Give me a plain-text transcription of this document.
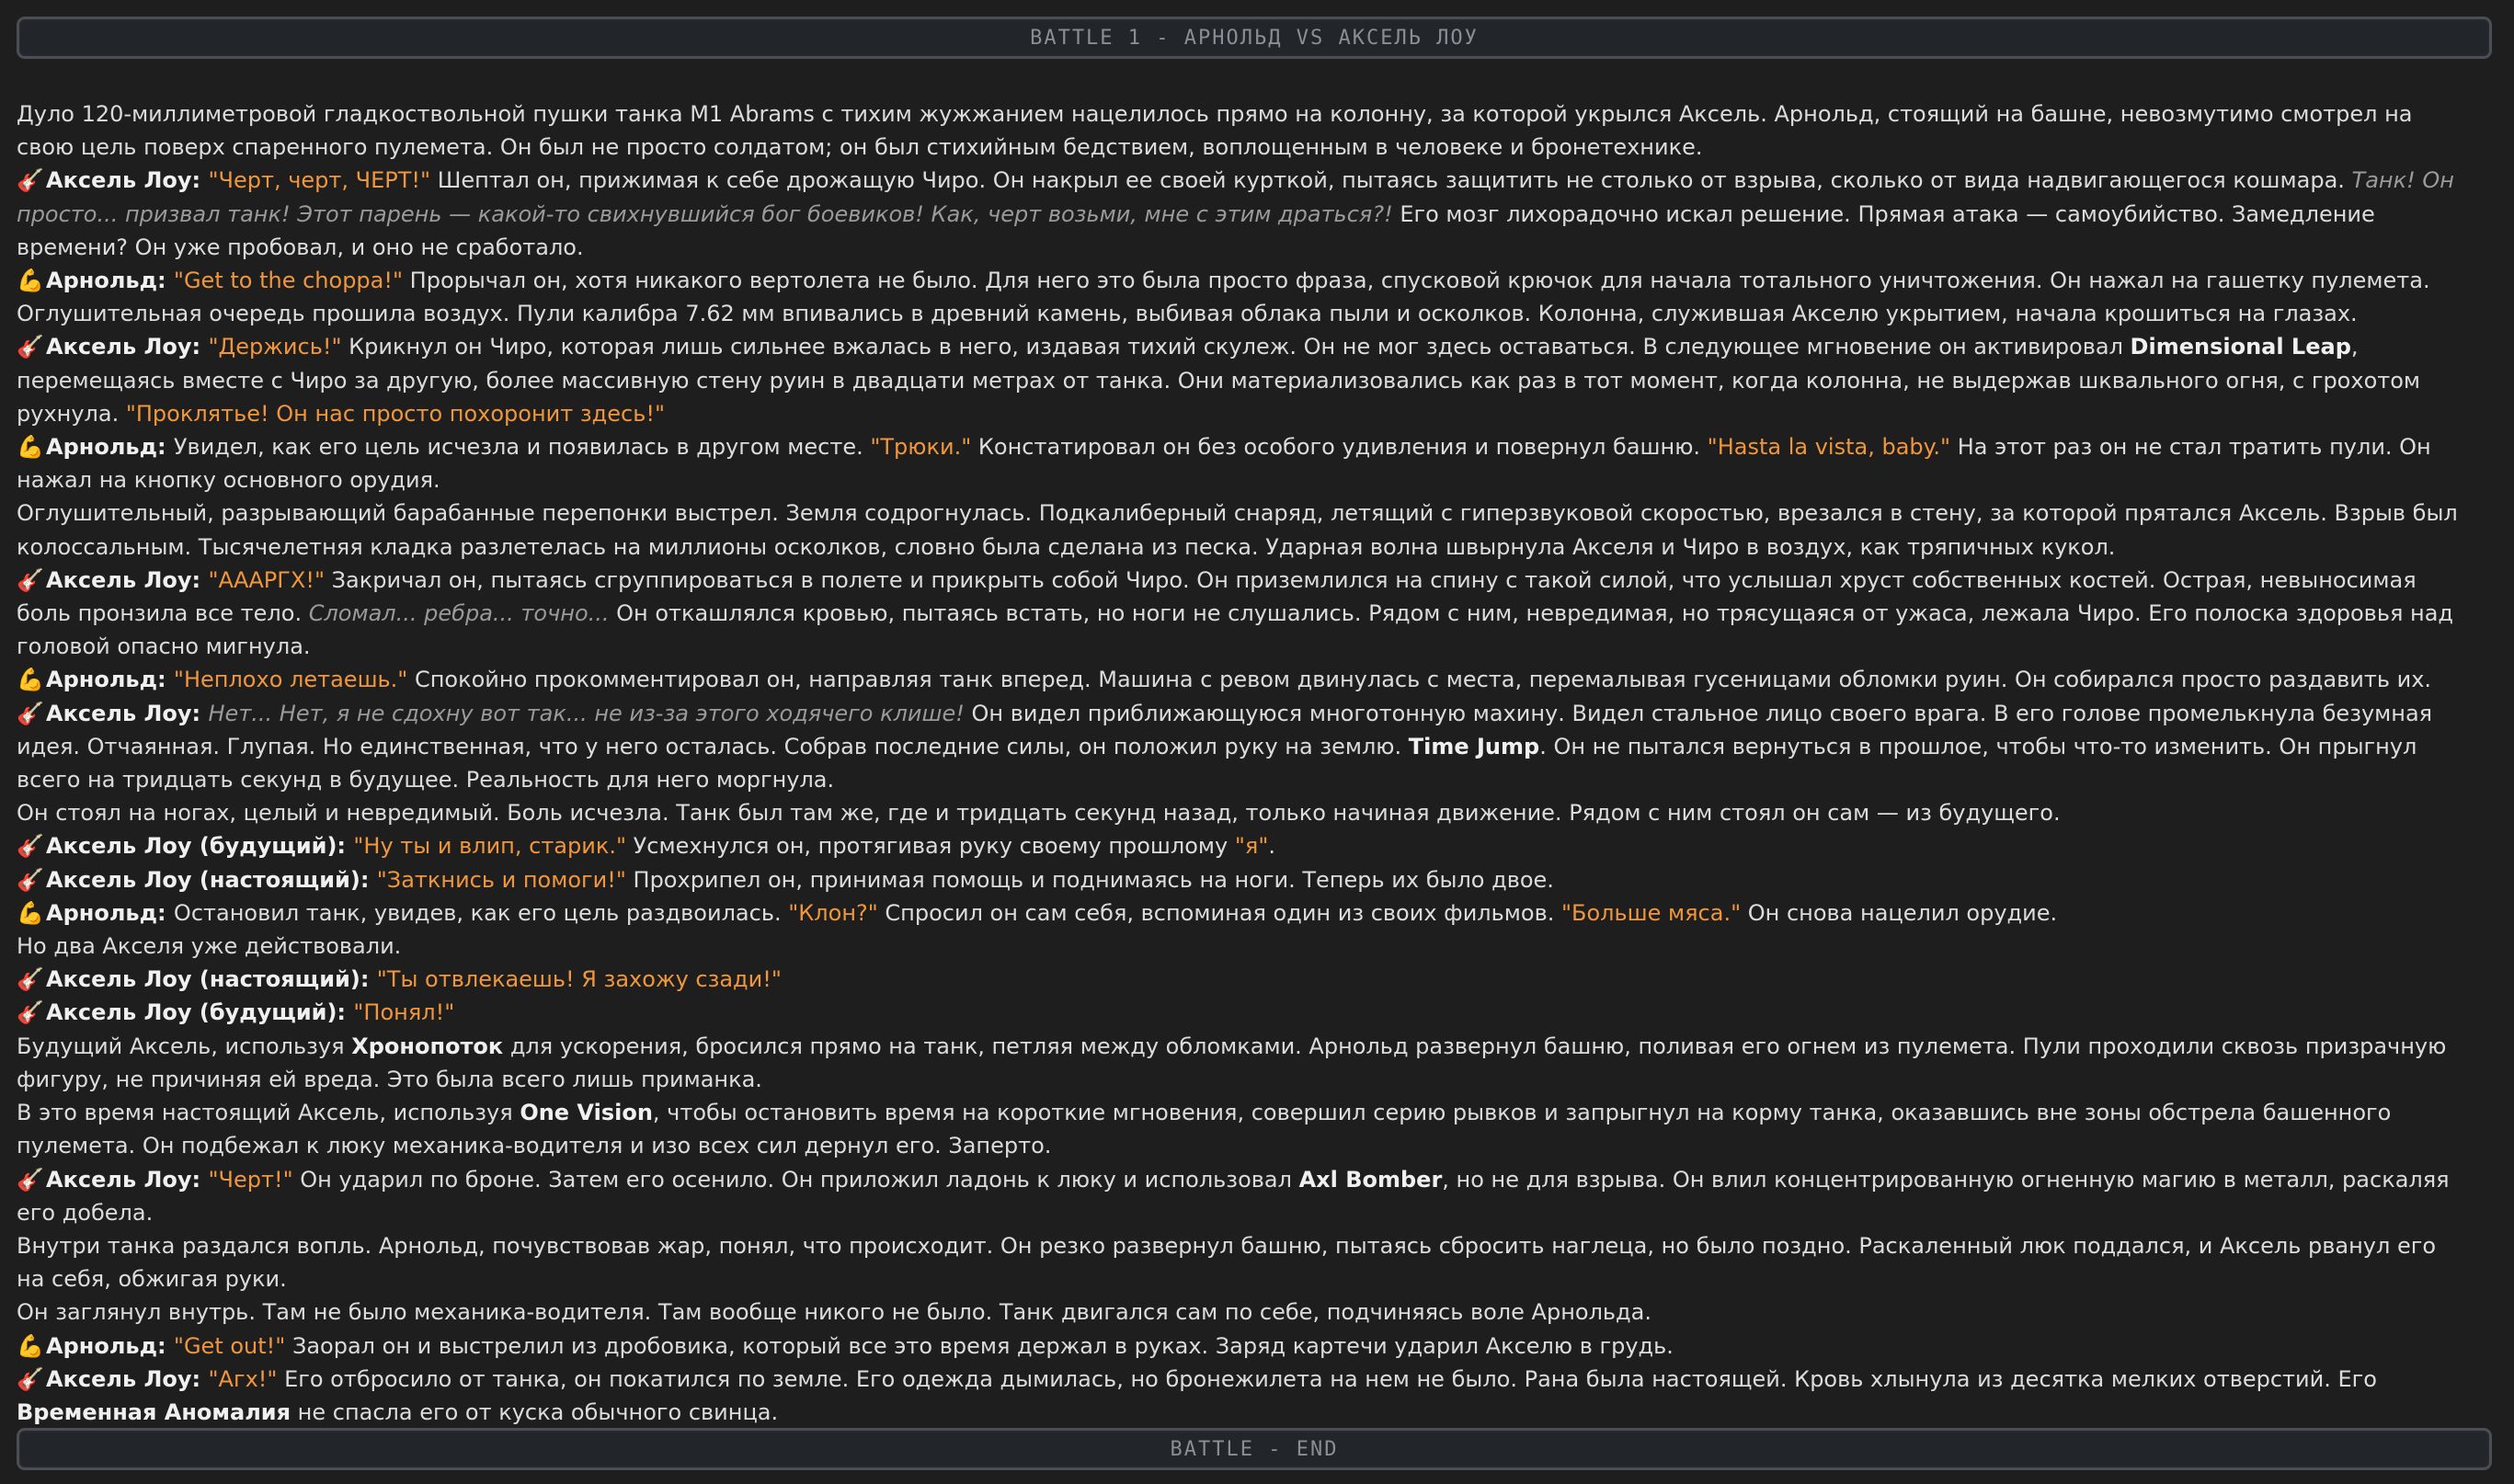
BATTLE 1 - АРНОЛЬД VS АКСЕЛЬ ЛОУ

Дуло 120-миллиметровой гладкоствольной пушки танка M1 Abrams с тихим жужжанием нацелилось прямо на колонну, за которой укрылся Аксель. Арнольд, стоящий на башне, невозмутимо смотрел на свою цель поверх спаренного пулемета. Он был не просто солдатом; он был стихийным бедствием, воплощенным в человеке и бронетехнике.

🎸Аксель Лоу: "Черт, черт, ЧЕРТ!" Шептал он, прижимая к себе дрожащую Чиро. Он накрыл ее своей курткой, пытаясь защитить не столько от взрыва, сколько от вида надвигающегося кошмара. Танк! Он просто... призвал танк! Этот парень — какой-то свихнувшийся бог боевиков! Как, черт возьми, мне с этим драться?! Его мозг лихорадочно искал решение. Прямая атака — самоубийство. Замедление времени? Он уже пробовал, и оно не сработало.

💪Арнольд: "Get to the choppa!" Прорычал он, хотя никакого вертолета не было. Для него это была просто фраза, спусковой крючок для начала тотального уничтожения. Он нажал на гашетку пулемета. Оглушительная очередь прошила воздух. Пули калибра 7.62 мм впивались в древний камень, выбивая облака пыли и осколков. Колонна, служившая Акселю укрытием, начала крошиться на глазах.

🎸Аксель Лоу: "Держись!" Крикнул он Чиро, которая лишь сильнее вжалась в него, издавая тихий скулеж. Он не мог здесь оставаться. В следующее мгновение он активировал Dimensional Leap, перемещаясь вместе с Чиро за другую, более массивную стену руин в двадцати метрах от танка. Они материализовались как раз в тот момент, когда колонна, не выдержав шквального огня, с грохотом рухнула. "Проклятье! Он нас просто похоронит здесь!"

💪Арнольд: Увидел, как его цель исчезла и появилась в другом месте. "Трюки." Констатировал он без особого удивления и повернул башню. "Hasta la vista, baby." На этот раз он не стал тратить пули. Он нажал на кнопку основного орудия.

Оглушительный, разрывающий барабанные перепонки выстрел. Земля содрогнулась. Подкалиберный снаряд, летящий с гиперзвуковой скоростью, врезался в стену, за которой прятался Аксель. Взрыв был колоссальным. Тысячелетняя кладка разлетелась на миллионы осколков, словно была сделана из песка. Ударная волна швырнула Акселя и Чиро в воздух, как тряпичных кукол.

🎸Аксель Лоу: "АААРГХ!" Закричал он, пытаясь сгруппироваться в полете и прикрыть собой Чиро. Он приземлился на спину с такой силой, что услышал хруст собственных костей. Острая, невыносимая боль пронзила все тело. Сломал... ребра... точно... Он откашлялся кровью, пытаясь встать, но ноги не слушались. Рядом с ним, невредимая, но трясущаяся от ужаса, лежала Чиро. Его полоска здоровья над головой опасно мигнула.

💪Арнольд: "Неплохо летаешь." Спокойно прокомментировал он, направляя танк вперед. Машина с ревом двинулась с места, перемалывая гусеницами обломки руин. Он собирался просто раздавить их.

🎸Аксель Лоу: Нет... Нет, я не сдохну вот так... не из-за этого ходячего клише! Он видел приближающуюся многотонную махину. Видел стальное лицо своего врага. В его голове промелькнула безумная идея. Отчаянная. Глупая. Но единственная, что у него осталась. Собрав последние силы, он положил руку на землю. Time Jump. Он не пытался вернуться в прошлое, чтобы что-то изменить. Он прыгнул всего на тридцать секунд в будущее. Реальность для него моргнула.

Он стоял на ногах, целый и невредимый. Боль исчезла. Танк был там же, где и тридцать секунд назад, только начиная движение. Рядом с ним стоял он сам — из будущего.

🎸Аксель Лоу (будущий): "Ну ты и влип, старик." Усмехнулся он, протягивая руку своему прошлому "я".

🎸Аксель Лоу (настоящий): "Заткнись и помоги!" Прохрипел он, принимая помощь и поднимаясь на ноги. Теперь их было двое.

💪Арнольд: Остановил танк, увидев, как его цель раздвоилась. "Клон?" Спросил он сам себя, вспоминая один из своих фильмов. "Больше мяса." Он снова нацелил орудие.

Но два Акселя уже действовали.

🎸Аксель Лоу (настоящий): "Ты отвлекаешь! Я захожу сзади!"

🎸Аксель Лоу (будущий): "Понял!"

Будущий Аксель, используя Хронопоток для ускорения, бросился прямо на танк, петляя между обломками. Арнольд развернул башню, поливая его огнем из пулемета. Пули проходили сквозь призрачную фигуру, не причиняя ей вреда. Это была всего лишь приманка.

В это время настоящий Аксель, используя One Vision, чтобы остановить время на короткие мгновения, совершил серию рывков и запрыгнул на корму танка, оказавшись вне зоны обстрела башенного пулемета. Он подбежал к люку механика-водителя и изо всех сил дернул его. Заперто.

🎸Аксель Лоу: "Черт!" Он ударил по броне. Затем его осенило. Он приложил ладонь к люку и использовал Axl Bomber, но не для взрыва. Он влил концентрированную огненную магию в металл, раскаляя его добела.

Внутри танка раздался вопль. Арнольд, почувствовав жар, понял, что происходит. Он резко развернул башню, пытаясь сбросить наглеца, но было поздно. Раскаленный люк поддался, и Аксель рванул его на себя, обжигая руки.

Он заглянул внутрь. Там не было механика-водителя. Там вообще никого не было. Танк двигался сам по себе, подчиняясь воле Арнольда.

💪Арнольд: "Get out!" Заорал он и выстрелил из дробовика, который все это время держал в руках. Заряд картечи ударил Акселю в грудь.

🎸Аксель Лоу: "Агх!" Его отбросило от танка, он покатился по земле. Его одежда дымилась, но бронежилета на нем не было. Рана была настоящей. Кровь хлынула из десятка мелких отверстий. Его Временная Аномалия не спасла его от куска обычного свинца.

BATTLE - END
